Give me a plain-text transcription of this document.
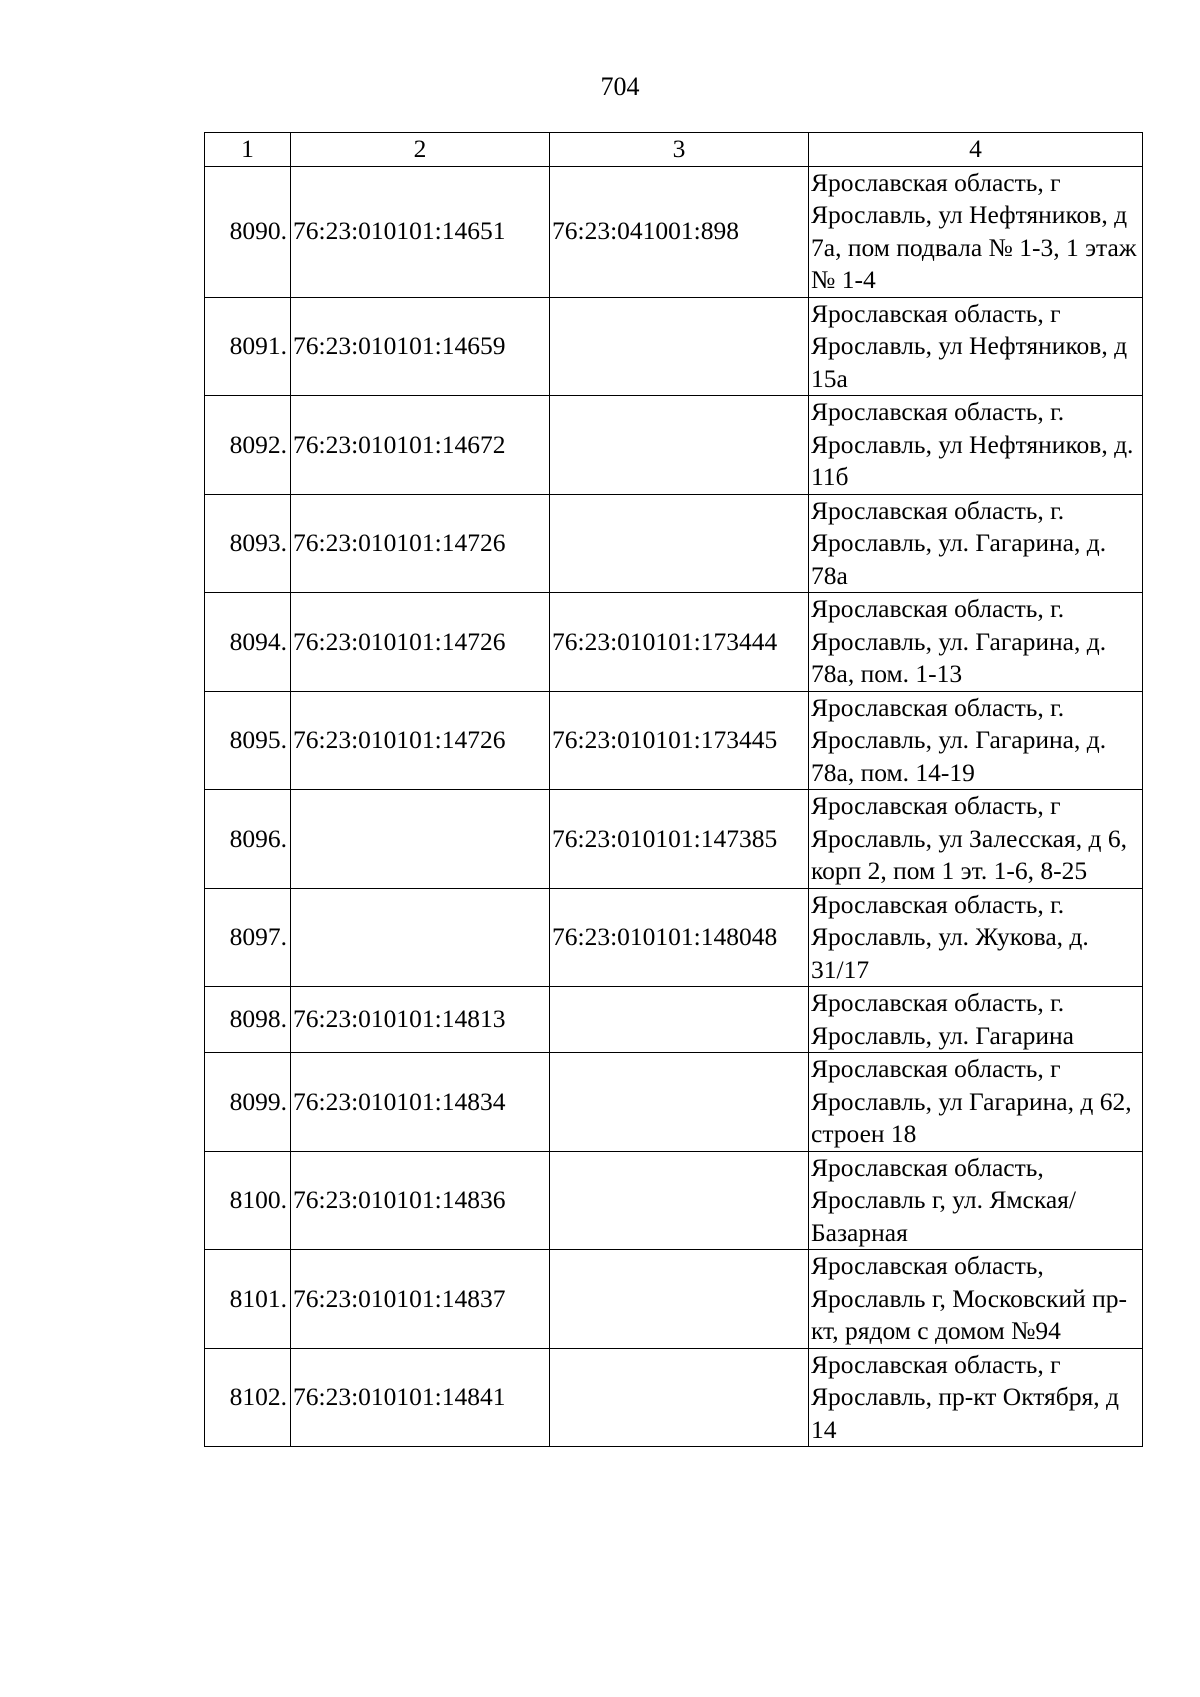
704
1	2	3	4
8090.	76:23:010101:14651	76:23:041001:898	Ярославская область, г Ярославль, ул Нефтяников, д 7а, пом подвала № 1-3, 1 этаж № 1-4
8091.	76:23:010101:14659		Ярославская область, г Ярославль, ул Нефтяников, д 15а
8092.	76:23:010101:14672		Ярославская область, г. Ярославль, ул Нефтяников, д. 11б
8093.	76:23:010101:14726		Ярославская область, г. Ярославль, ул. Гагарина, д. 78а
8094.	76:23:010101:14726	76:23:010101:173444	Ярославская область, г. Ярославль, ул. Гагарина, д. 78а, пом. 1-13
8095.	76:23:010101:14726	76:23:010101:173445	Ярославская область, г. Ярославль, ул. Гагарина, д. 78а, пом. 14-19
8096.		76:23:010101:147385	Ярославская область, г Ярославль, ул Залесская, д 6, корп 2, пом 1 эт. 1-6, 8-25
8097.		76:23:010101:148048	Ярославская область, г. Ярославль, ул. Жукова, д. 31/17
8098.	76:23:010101:14813		Ярославская область, г. Ярославль, ул. Гагарина
8099.	76:23:010101:14834		Ярославская область, г Ярославль, ул Гагарина, д 62, строен 18
8100.	76:23:010101:14836		Ярославская область, Ярославль г, ул. Ямская/Базарная
8101.	76:23:010101:14837		Ярославская область, Ярославль г, Московский пр-кт, рядом с домом №94
8102.	76:23:010101:14841		Ярославская область, г Ярославль, пр-кт Октября, д 14
